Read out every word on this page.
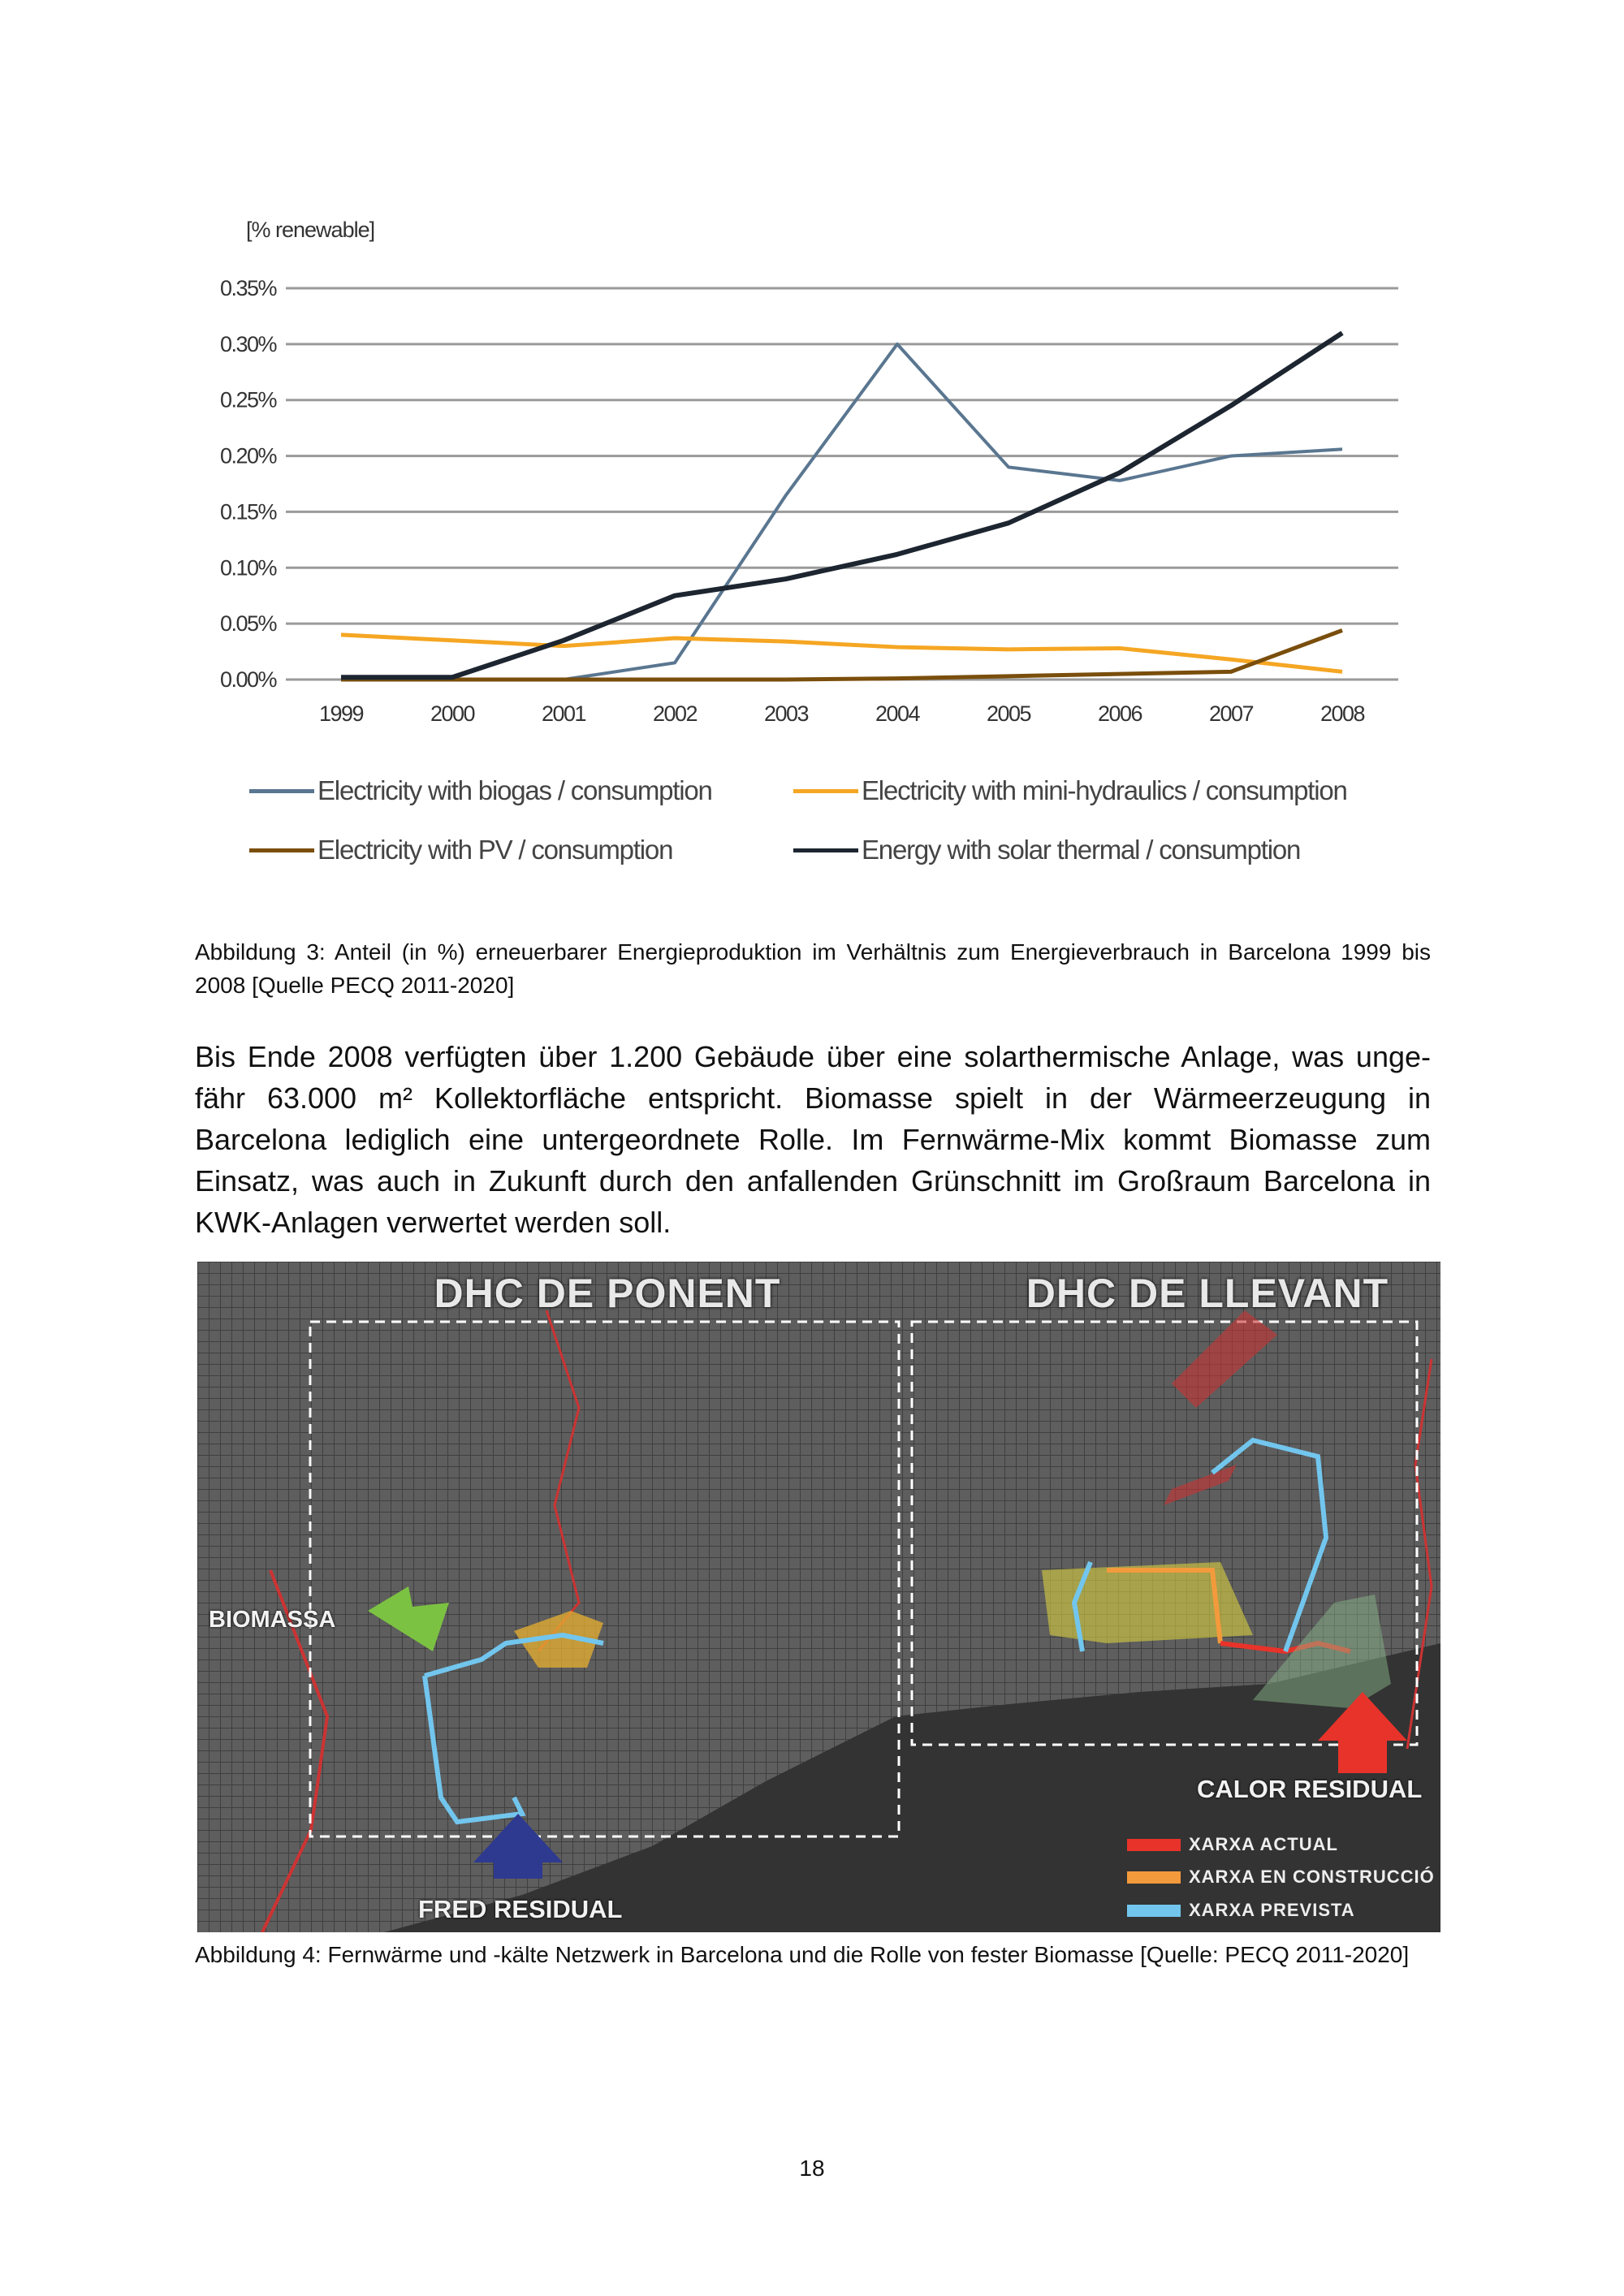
[% renewable]
0.00%
0.05%
0.10%
0.15%
0.20%
0.25%
0.30%
0.35%
1999	2000	2001	2002	2003	2004	2005	2006	2007	2008
Electricity with biogas / consumption	Electricity with mini-hydraulics / consumption
Electricity with PV / consumption	Energy with solar thermal / consumption
Abbildung 3: Anteil (in %) erneuerbarer Energieproduktion im Verhältnis zum Energieverbrauch in Barcelona 1999 bis 2008 [Quelle PECQ 2011-2020]
Bis Ende 2008 verfügten über 1.200 Gebäude über eine solarthermische Anlage, was unge-fähr 63.000 m² Kollektorfläche entspricht. Biomasse spielt in der Wärmeerzeugung in Barcelona lediglich eine untergeordnete Rolle. Im Fernwärme-Mix kommt Biomasse zum Einsatz, was auch in Zukunft durch den anfallenden Grünschnitt im Großraum Barcelona in KWK-Anlagen verwertet werden soll.
DHC DE PONENT	DHC DE LLEVANT
BIOMASSA
CALOR RESIDUAL
FRED RESIDUAL
XARXA ACTUAL
XARXA EN CONSTRUCCIÓ
XARXA PREVISTA
Abbildung 4: Fernwärme und -kälte Netzwerk in Barcelona und die Rolle von fester Biomasse [Quelle: PECQ 2011-2020]
18
